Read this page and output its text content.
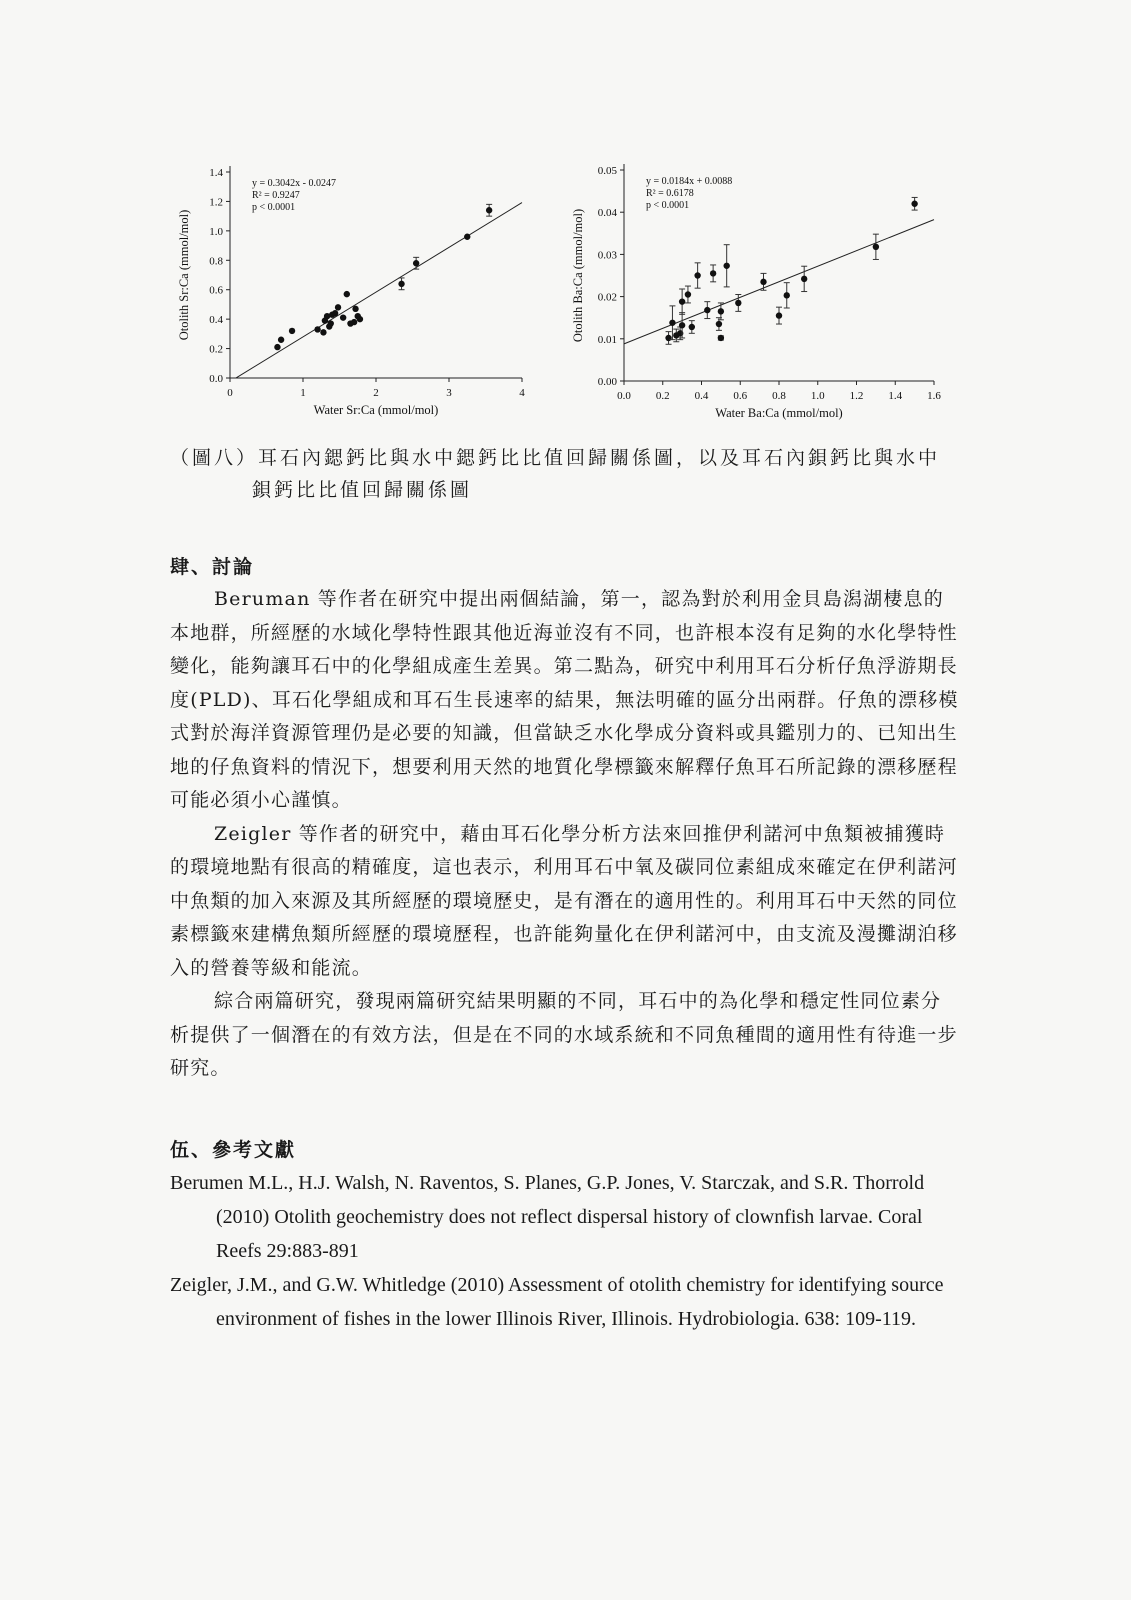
0	1	2	3	4
0.0
0.2
0.4
0.6
0.8
1.0
1.2
1.4
Water Sr:Ca (mmol/mol)
Otolith Sr:Ca (mmol/mol)
y = 0.3042x - 0.0247
R² = 0.9247
p < 0.0001
0.0 0.2 0.4 0.6 0.8 1.0 1.2 1.4 1.6
0.00
0.01
0.02
0.03
0.04
0.05
Water Ba:Ca (mmol/mol)
Otolith Ba:Ca (mmol/mol)
y = 0.0184x + 0.0088
R² = 0.6178
p < 0.0001
（圖八）耳石內鍶鈣比與水中鍶鈣比比值回歸關係圖，以及耳石內鋇鈣比與水中
鋇鈣比比值回歸關係圖
肆、討論

Beruman 等作者在研究中提出兩個結論，第一，認為對於利用金貝島潟湖棲息的本地群，所經歷的水域化學特性跟其他近海並沒有不同，也許根本沒有足夠的水化學特性變化，能夠讓耳石中的化學組成產生差異。第二點為，研究中利用耳石分析仔魚浮游期長度(PLD)、耳石化學組成和耳石生長速率的結果，無法明確的區分出兩群。仔魚的漂移模式對於海洋資源管理仍是必要的知識，但當缺乏水化學成分資料或具鑑別力的、已知出生地的仔魚資料的情況下，想要利用天然的地質化學標籤來解釋仔魚耳石所記錄的漂移歷程可能必須小心謹慎。

Zeigler 等作者的研究中，藉由耳石化學分析方法來回推伊利諾河中魚類被捕獲時的環境地點有很高的精確度，這也表示，利用耳石中氧及碳同位素組成來確定在伊利諾河中魚類的加入來源及其所經歷的環境歷史，是有潛在的適用性的。利用耳石中天然的同位素標籤來建構魚類所經歷的環境歷程，也許能夠量化在伊利諾河中，由支流及漫攤湖泊移入的營養等級和能流。

綜合兩篇研究，發現兩篇研究結果明顯的不同，耳石中的為化學和穩定性同位素分析提供了一個潛在的有效方法，但是在不同的水域系統和不同魚種間的適用性有待進一步研究。

伍、參考文獻

Berumen M.L., H.J. Walsh, N. Raventos, S. Planes, G.P. Jones, V. Starczak, and S.R. Thorrold (2010) Otolith geochemistry does not reflect dispersal history of clownfish larvae. Coral Reefs 29:883-891

Zeigler, J.M., and G.W. Whitledge (2010) Assessment of otolith chemistry for identifying source environment of fishes in the lower Illinois River, Illinois. Hydrobiologia. 638: 109-119.
